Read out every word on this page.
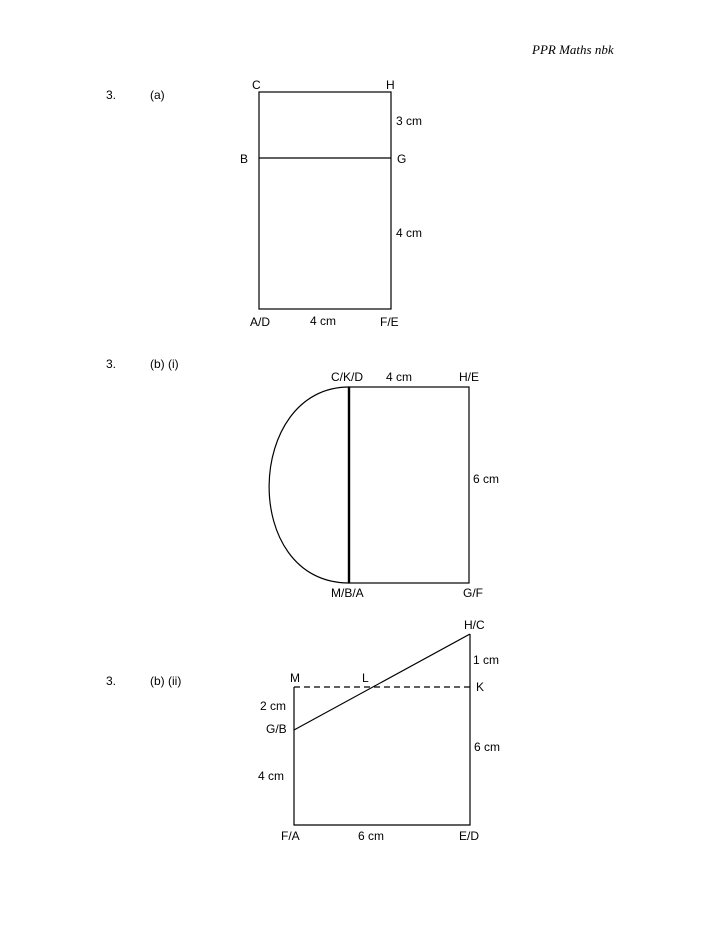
PPR Maths nbk
3.	(a)
3.	(b) (i)
3.	(b) (ii)
C	H
B	G
A/D	F/E
3 cm
4 cm
4 cm
C/K/D	H/E
M/B/A	G/F
4 cm
6 cm
H/C
M	L
K
G/B
F/A	E/D
1 cm
2 cm
4 cm
6 cm
6 cm
